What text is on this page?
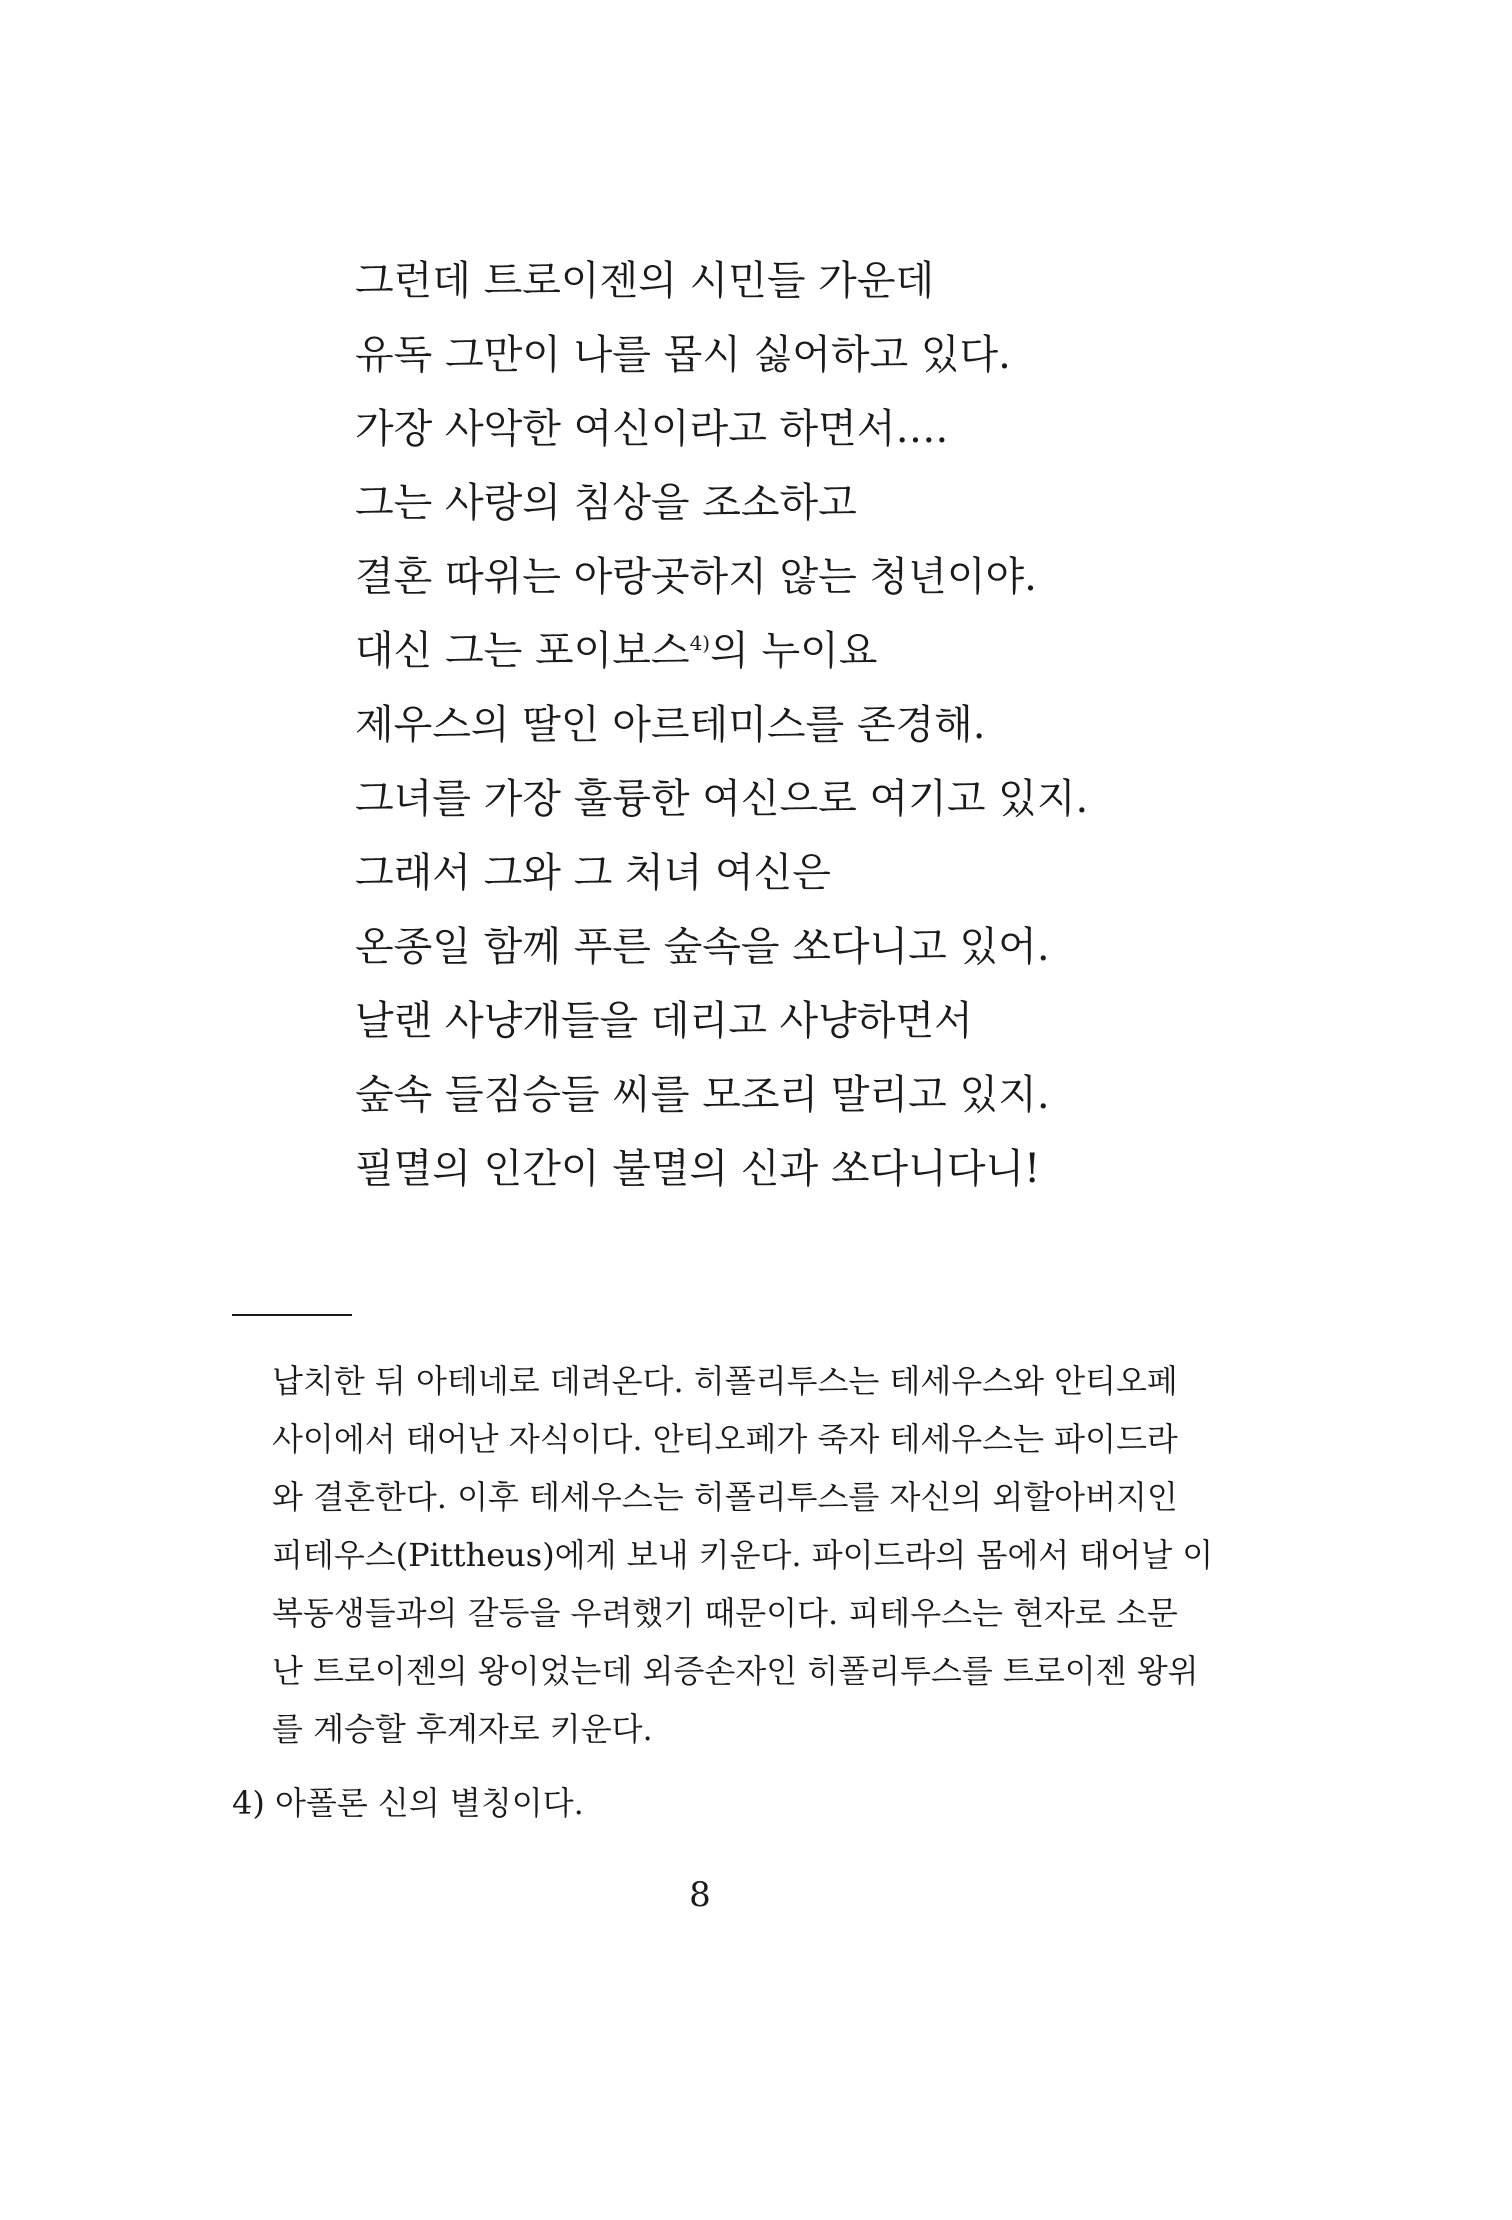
그런데 트로이젠의 시민들 가운데
유독 그만이 나를 몹시 싫어하고 있다.
가장 사악한 여신이라고 하면서….
그는 사랑의 침상을 조소하고
결혼 따위는 아랑곳하지 않는 청년이야.
대신 그는 포이보스$^{4)}$의 누이요
제우스의 딸인 아르테미스를 존경해.
그녀를 가장 훌륭한 여신으로 여기고 있지.
그래서 그와 그 처녀 여신은
온종일 함께 푸른 숲속을 쏘다니고 있어.
날랜 사냥개들을 데리고 사냥하면서
숲속 들짐승들 씨를 모조리 말리고 있지.
필멸의 인간이 불멸의 신과 쏘다니다니!
납치한 뒤 아테네로 데려온다. 히폴리투스는 테세우스와 안티오페
사이에서 태어난 자식이다. 안티오페가 죽자 테세우스는 파이드라
와 결혼한다. 이후 테세우스는 히폴리투스를 자신의 외할아버지인
피테우스(Pittheus)에게 보내 키운다. 파이드라의 몸에서 태어날 이
복동생들과의 갈등을 우려했기 때문이다. 피테우스는 현자로 소문
난 트로이젠의 왕이었는데 외증손자인 히폴리투스를 트로이젠 왕위
를 계승할 후계자로 키운다.
4) 아폴론 신의 별칭이다.
8
